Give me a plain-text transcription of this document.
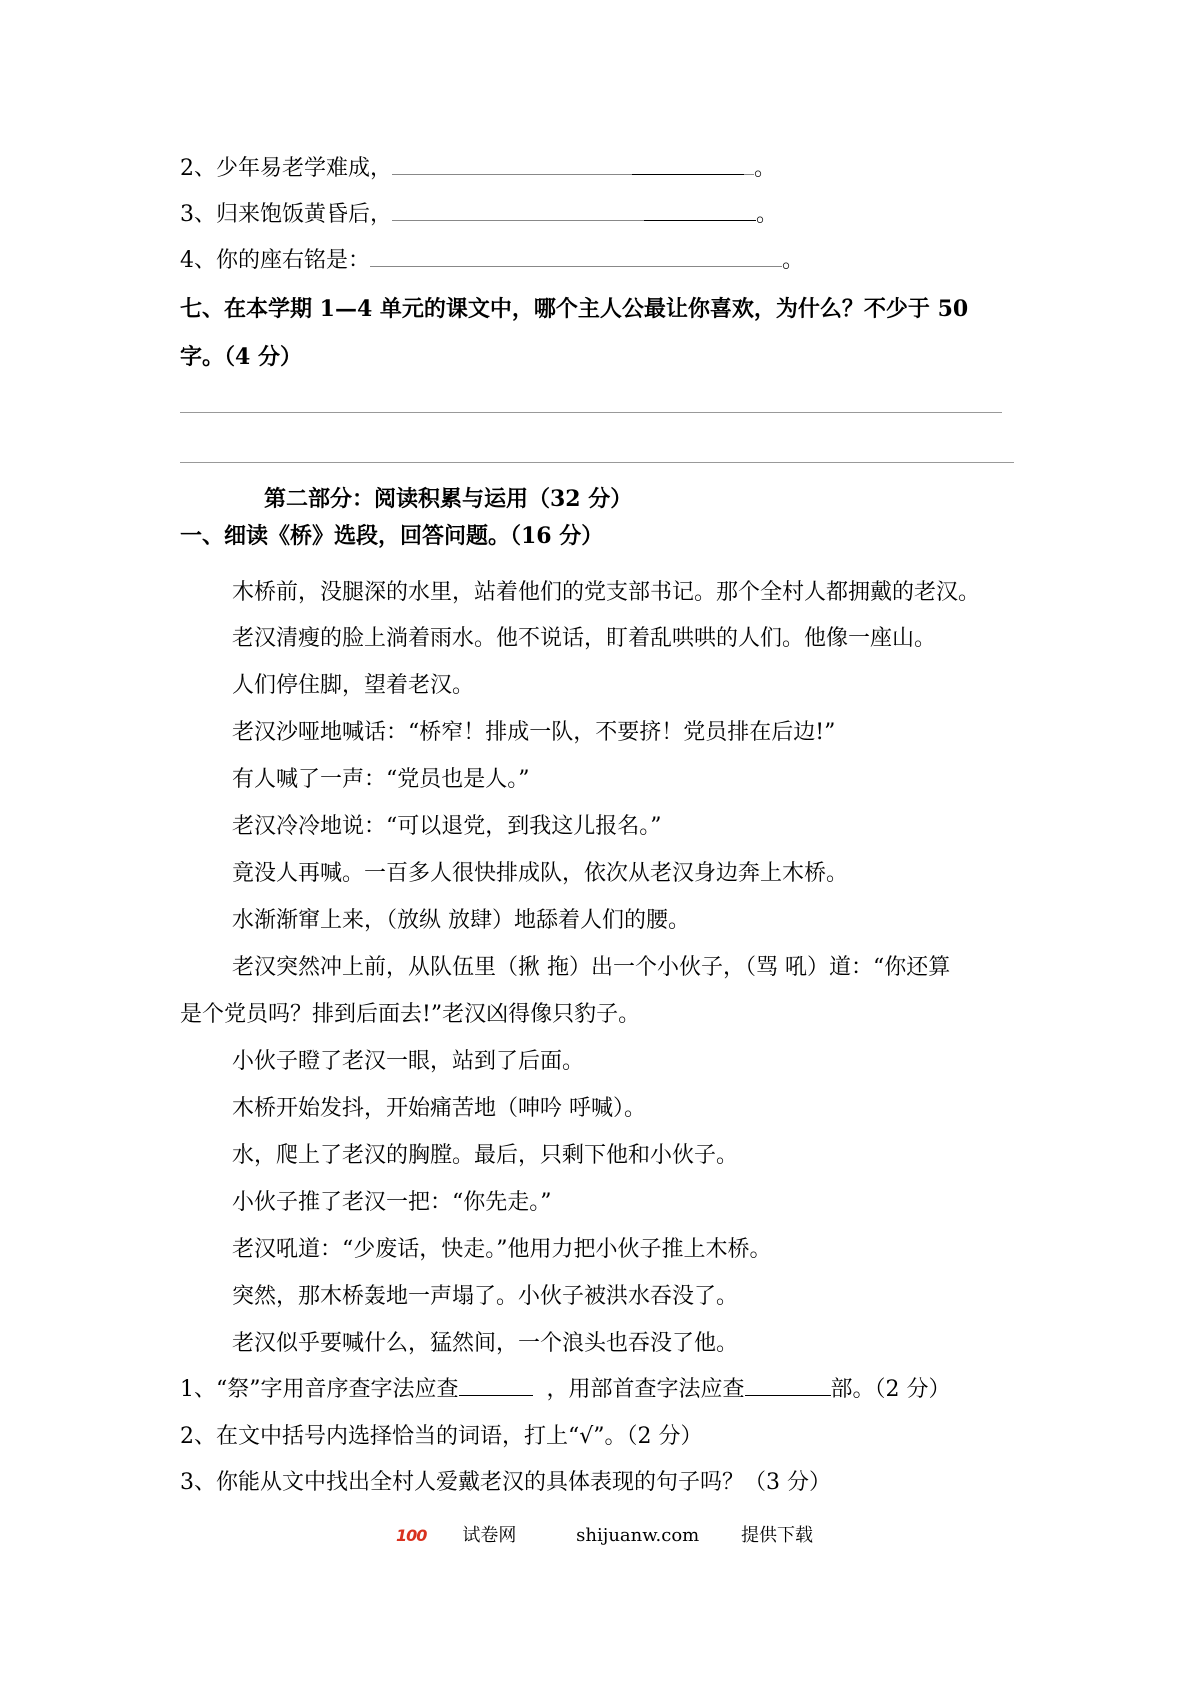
2、少年易老学难成，	。
3、归来饱饭黄昏后，	。
4、你的座右铭是：	。
七、在本学期 1—4 单元的课文中，哪个主人公最让你喜欢，为什么？不少于 50
字。（4 分）
第二部分：阅读积累与运用（32 分）
一、细读《桥》选段，回答问题。（16 分）
木桥前，没腿深的水里，站着他们的党支部书记。那个全村人都拥戴的老汉。
老汉清瘦的脸上淌着雨水。他不说话，盯着乱哄哄的人们。他像一座山。
人们停住脚，望着老汉。
老汉沙哑地喊话：“桥窄！排成一队，不要挤！党员排在后边!”
有人喊了一声：“党员也是人。”
老汉冷冷地说：“可以退党，到我这儿报名。”
竟没人再喊。一百多人很快排成队，依次从老汉身边奔上木桥。
水渐渐窜上来，（放纵 放肆）地舔着人们的腰。
老汉突然冲上前，从队伍里（揪 拖）出一个小伙子，（骂 吼）道：“你还算
是个党员吗？排到后面去!”老汉凶得像只豹子。
小伙子瞪了老汉一眼，站到了后面。
木桥开始发抖，开始痛苦地（呻吟 呼喊）。
水，爬上了老汉的胸膛。最后，只剩下他和小伙子。
小伙子推了老汉一把：“你先走。”
老汉吼道：“少废话，快走。”他用力把小伙子推上木桥。
突然，那木桥轰地一声塌了。小伙子被洪水吞没了。
老汉似乎要喊什么，猛然间，一个浪头也吞没了他。
1、“祭”字用音序查字法应查	，用部首查字法应查	部。（2 分）
2、在文中括号内选择恰当的词语，打上“√”。（2 分）
3、你能从文中找出全村人爱戴老汉的具体表现的句子吗？（3 分）
100 试卷网	shijuanw.com 提供下载
